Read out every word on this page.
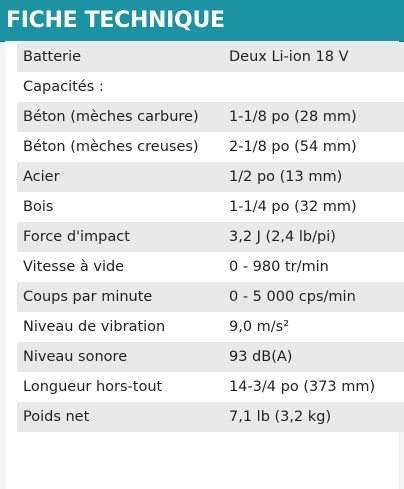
FICHE TECHNIQUE
Batterie	Deux Li-ion 18 V
Capacités :	
Béton (mèches carbure)	1-1/8 po (28 mm)
Béton (mèches creuses)	2-1/8 po (54 mm)
Acier	1/2 po (13 mm)
Bois	1-1/4 po (32 mm)
Force d'impact	3,2 J (2,4 lb/pi)
Vitesse à vide	0 - 980 tr/min
Coups par minute	0 - 5 000 cps/min
Niveau de vibration	9,0 m/s²
Niveau sonore	93 dB(A)
Longueur hors-tout	14-3/4 po (373 mm)
Poids net	7,1 lb (3,2 kg)
